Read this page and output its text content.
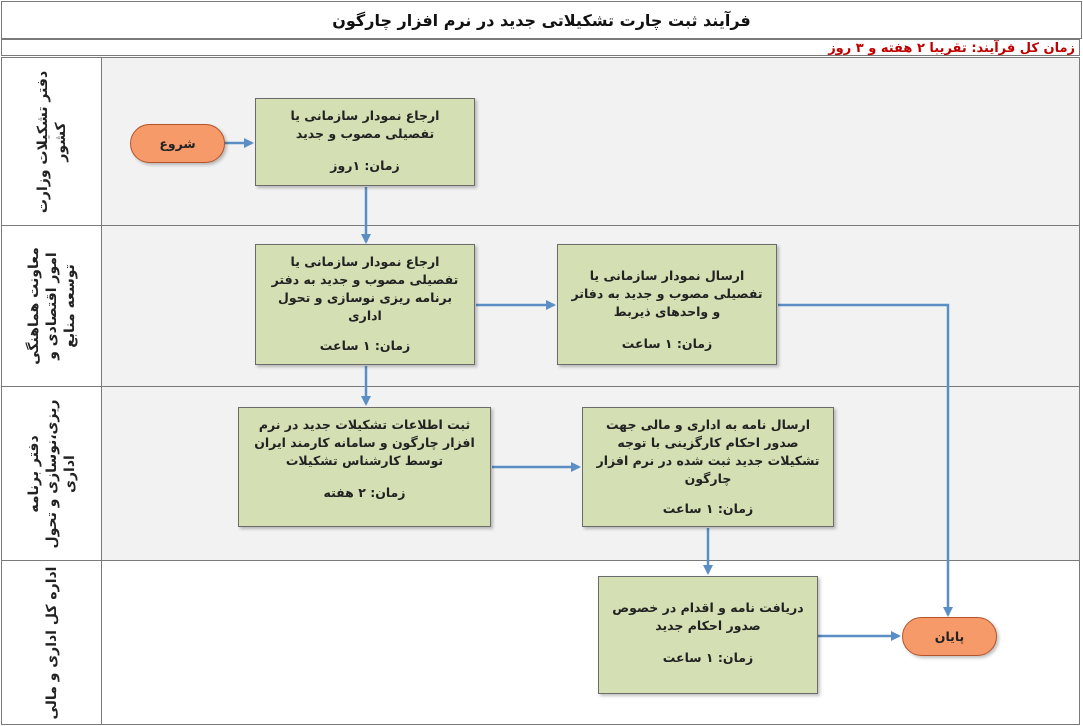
فرآیند ثبت چارت تشکیلاتی جدید در نرم افزار چارگون
زمان کل فرآیند: تقریبا ۲ هفته و ۳ روز
دفتر تشکیلات وزارت کشور
معاونت هماهنگی امور اقتصادی و توسعه منابع
دفتر برنامه ریزی،نوسازی و تحول اداری
اداره کل اداری و مالی
شروع
پایان
ارجاع نمودار سازمانی یا تفصیلی مصوب و جدید
زمان: ۱روز
ارجاع نمودار سازمانی یا تفصیلی مصوب و جدید به دفتر برنامه ریزی نوسازی و تحول اداری
زمان: ۱ ساعت
ارسال نمودار سازمانی یا تفصیلی مصوب و جدید به دفاتر و واحدهای ذیربط
زمان: ۱ ساعت
ثبت اطلاعات تشکیلات جدید در نرم افزار چارگون و سامانه کارمند ایران توسط کارشناس تشکیلات
زمان: ۲ هفته
ارسال نامه به اداری و مالی جهت صدور احکام کارگزینی با توجه تشکیلات جدید ثبت شده در نرم افزار چارگون
زمان: ۱ ساعت
دریافت نامه و اقدام در خصوص صدور احکام جدید
زمان: ۱ ساعت
